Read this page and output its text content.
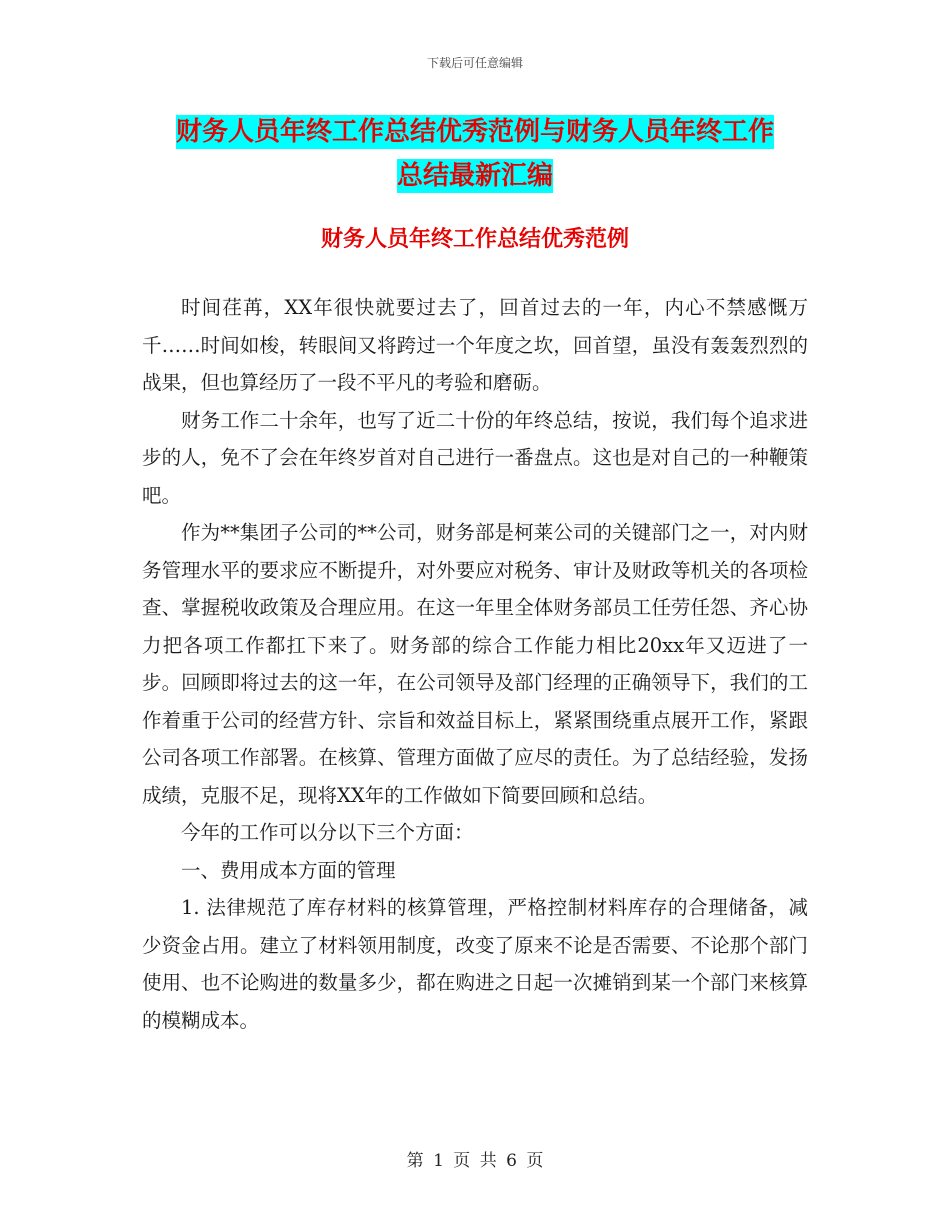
下载后可任意编辑
财务人员年终工作总结优秀范例与财务人员年终工作
总结最新汇编
财务人员年终工作总结优秀范例

时间荏苒，XX年很快就要过去了，回首过去的一年，内心不禁感慨万千……时间如梭，转眼间又将跨过一个年度之坎，回首望，虽没有轰轰烈烈的战果，但也算经历了一段不平凡的考验和磨砺。

财务工作二十余年，也写了近二十份的年终总结，按说，我们每个追求进步的人，免不了会在年终岁首对自己进行一番盘点。这也是对自己的一种鞭策吧。

作为**集团子公司的**公司，财务部是柯莱公司的关键部门之一，对内财务管理水平的要求应不断提升，对外要应对税务、审计及财政等机关的各项检查、掌握税收政策及合理应用。在这一年里全体财务部员工任劳任怨、齐心协力把各项工作都扛下来了。财务部的综合工作能力相比20xx年又迈进了一步。回顾即将过去的这一年，在公司领导及部门经理的正确领导下，我们的工作着重于公司的经营方针、宗旨和效益目标上，紧紧围绕重点展开工作，紧跟公司各项工作部署。在核算、管理方面做了应尽的责任。为了总结经验，发扬成绩，克服不足，现将XX年的工作做如下简要回顾和总结。

今年的工作可以分以下三个方面：

一、费用成本方面的管理

1. 法律规范了库存材料的核算管理，严格控制材料库存的合理储备，减少资金占用。建立了材料领用制度，改变了原来不论是否需要、不论那个部门使用、也不论购进的数量多少，都在购进之日起一次摊销到某一个部门来核算的模糊成本。

第 1 页 共 6 页
